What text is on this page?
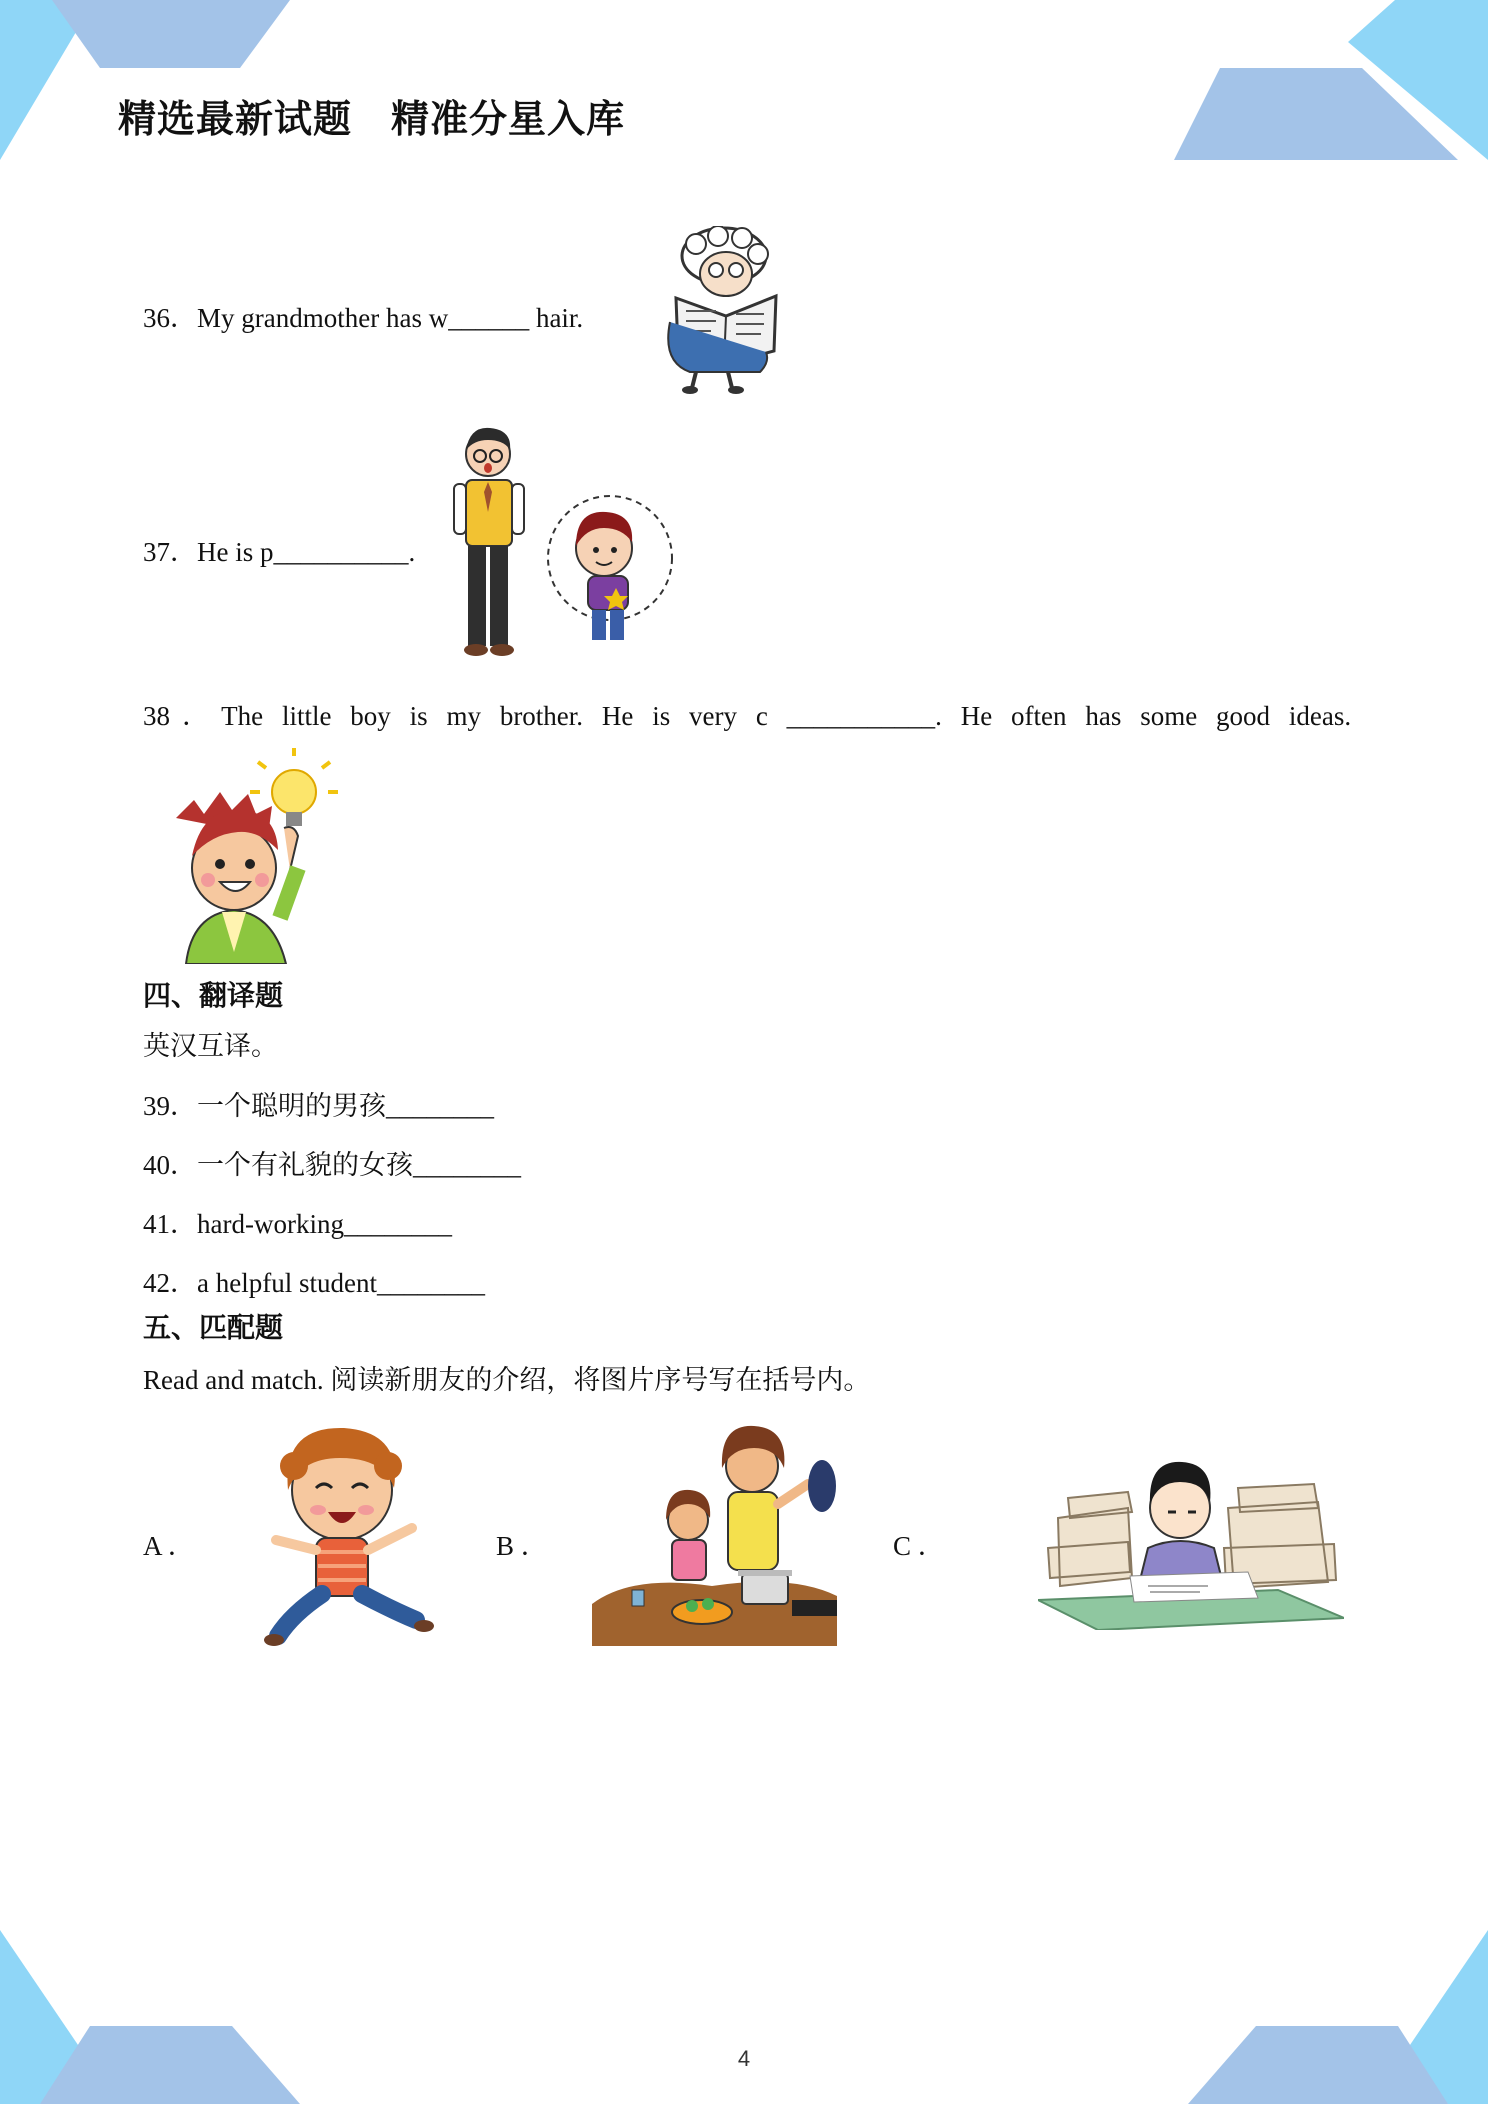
精选最新试题　精准分星入库
36．My grandmother has w______ hair.
37．He is p__________.
38．The little boy is my brother. He is very c ___________. He often has some good ideas.
四、翻译题
英汉互译。
39．一个聪明的男孩________
40．一个有礼貌的女孩________
41．hard-working________
42．a helpful student________
五、匹配题
Read and match. 阅读新朋友的介绍，将图片序号写在括号内。
A ．	B ．	C ．
4
